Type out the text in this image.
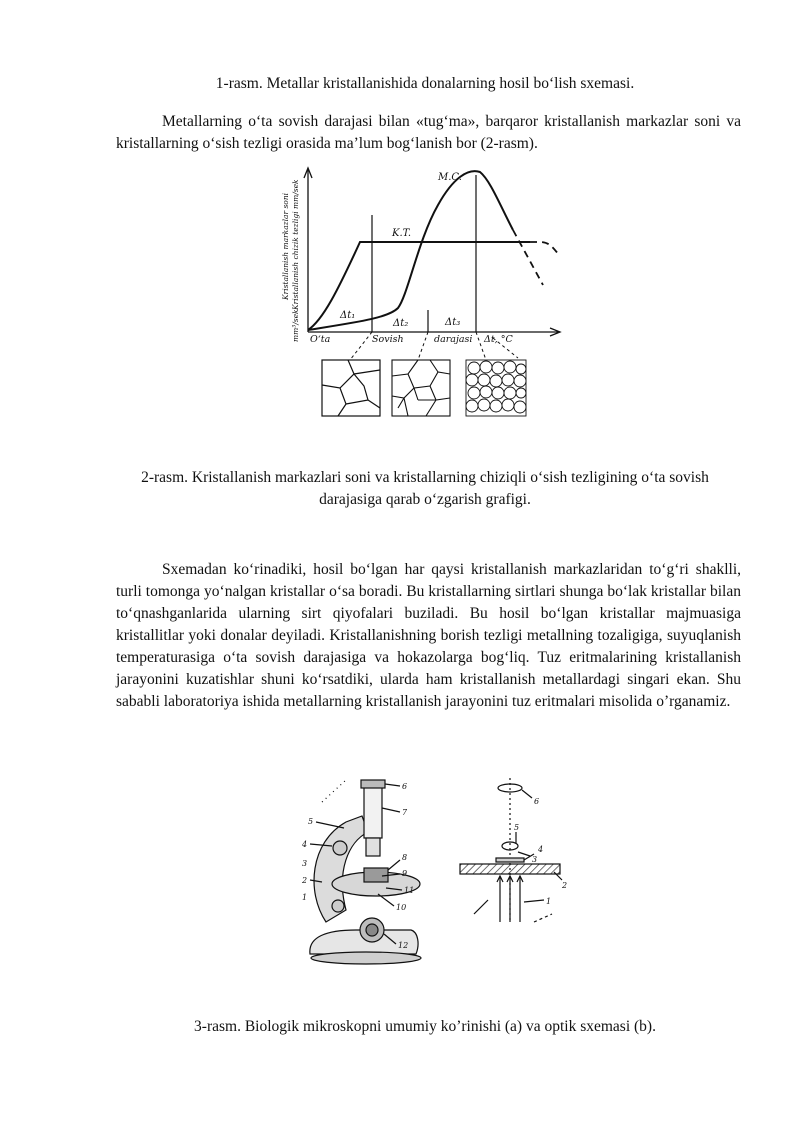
1-rasm. Metallar kristallanishida donalarning hosil bo‘lish sxemasi.
Metallarning o‘ta sovish darajasi bilan «tug‘ma», barqaror kristallanish markazlar soni va kristallarning o‘sish tezligi orasida ma’lum bog‘lanish bor (2-rasm).
M.C.
K.T.
Δt₁
Δt₂	Δt₃
O‘ta	Sovish	darajasi Δt, °C
Kristallanish markazlar soni Kristallanish chizik tezligi mm/sek
mm³/sek
2-rasm. Kristallanish markazlari soni va kristallarning chiziqli o‘sish tezligining o‘ta sovish darajasiga qarab o‘zgarish grafigi.
Sxemadan ko‘rinadiki, hosil bo‘lgan har qaysi kristallanish markazlaridan to‘g‘ri shaklli, turli tomonga yo‘nalgan kristallar o‘sa boradi. Bu kristallarning sirtlari shunga bo‘lak kristallar bilan to‘qnashganlarida ularning sirt qiyofalari buziladi. Bu hosil bo‘lgan kristallar majmuasiga kristallitlar yoki donalar deyiladi. Kristallanishning borish tezligi metallning tozaligiga, suyuqlanish temperaturasiga o‘ta sovish darajasiga va hokazolarga bog‘liq. Tuz eritmalarining kristallanish jarayonini kuzatishlar shuni ko‘rsatdiki, ularda ham kristallanish metallardagi singari ekan. Shu sababli laboratoriya ishida metallarning kristallanish jarayonini tuz eritmalari misolida o’rganamiz.
6
7
5
4
3
2
1
8
9
11
10
12
6
5
3
4
2
1
3-rasm. Biologik mikroskopni umumiy ko’rinishi (a) va optik sxemasi (b).
